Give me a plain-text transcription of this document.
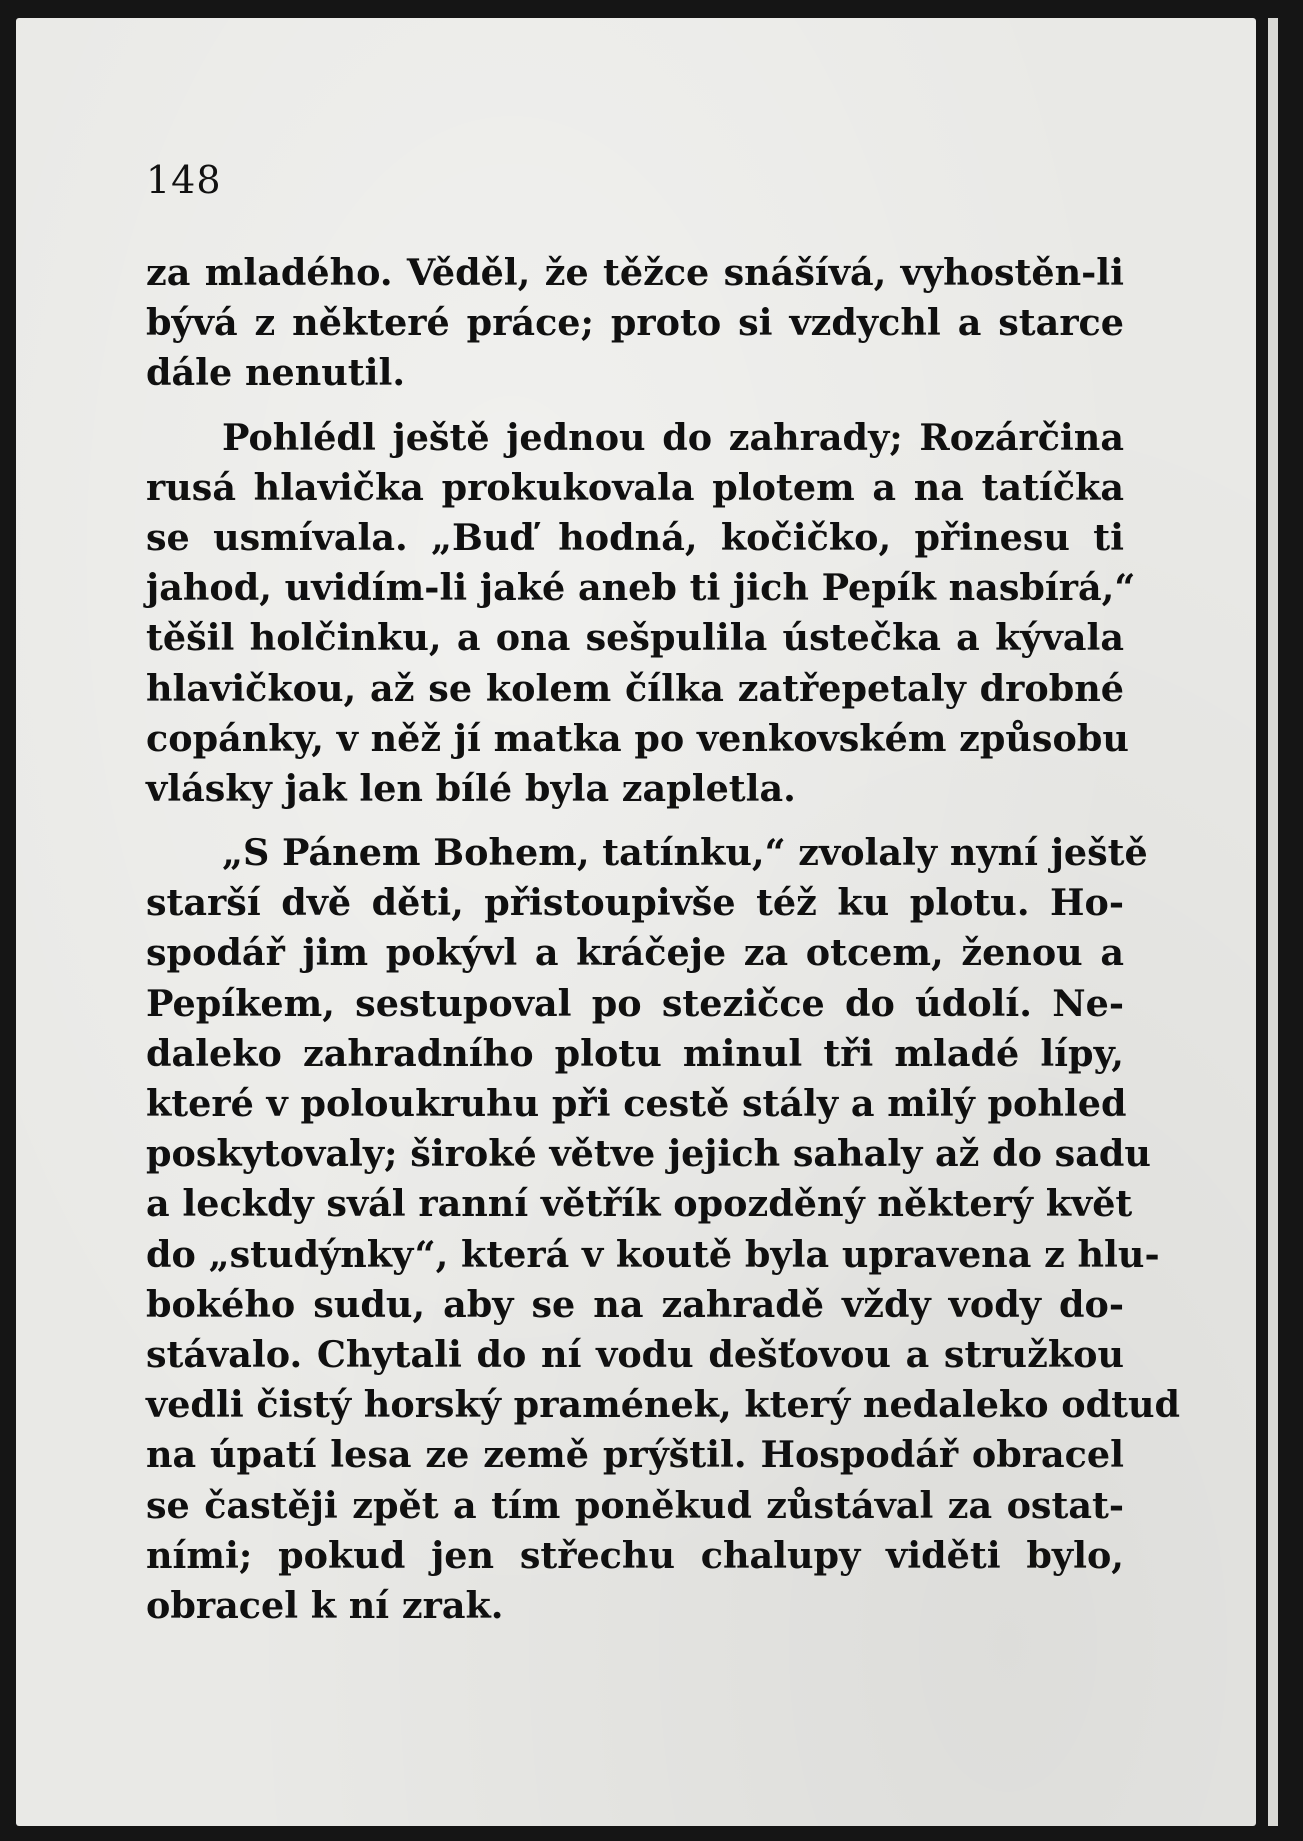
148
za mladého. Věděl, že těžce snášívá, vyhostěn-li
bývá z některé práce; proto si vzdychl a starce
dále nenutil.
Pohlédl ještě jednou do zahrady; Rozárčina
rusá hlavička prokukovala plotem a na tatíčka
se usmívala. „Buď hodná, kočičko, přinesu ti
jahod, uvidím-li jaké aneb ti jich Pepík nasbírá,“
těšil holčinku, a ona sešpulila ústečka a kývala
hlavičkou, až se kolem čílka zatřepetaly drobné
copánky, v něž jí matka po venkovském způsobu
vlásky jak len bílé byla zapletla.
„S Pánem Bohem, tatínku,“ zvolaly nyní ještě
starší dvě děti, přistoupivše též ku plotu. Ho-
spodář jim pokývl a kráčeje za otcem, ženou a
Pepíkem, sestupoval po stezičce do údolí. Ne-
daleko zahradního plotu minul tři mladé lípy,
které v poloukruhu při cestě stály a milý pohled
poskytovaly; široké větve jejich sahaly až do sadu
a leckdy svál ranní větřík opozděný některý květ
do „studýnky“, která v koutě byla upravena z hlu-
bokého sudu, aby se na zahradě vždy vody do-
stávalo. Chytali do ní vodu dešťovou a stružkou
vedli čistý horský pramének, který nedaleko odtud
na úpatí lesa ze země prýštil. Hospodář obracel
se častěji zpět a tím poněkud zůstával za ostat-
ními; pokud jen střechu chalupy viděti bylo,
obracel k ní zrak.
